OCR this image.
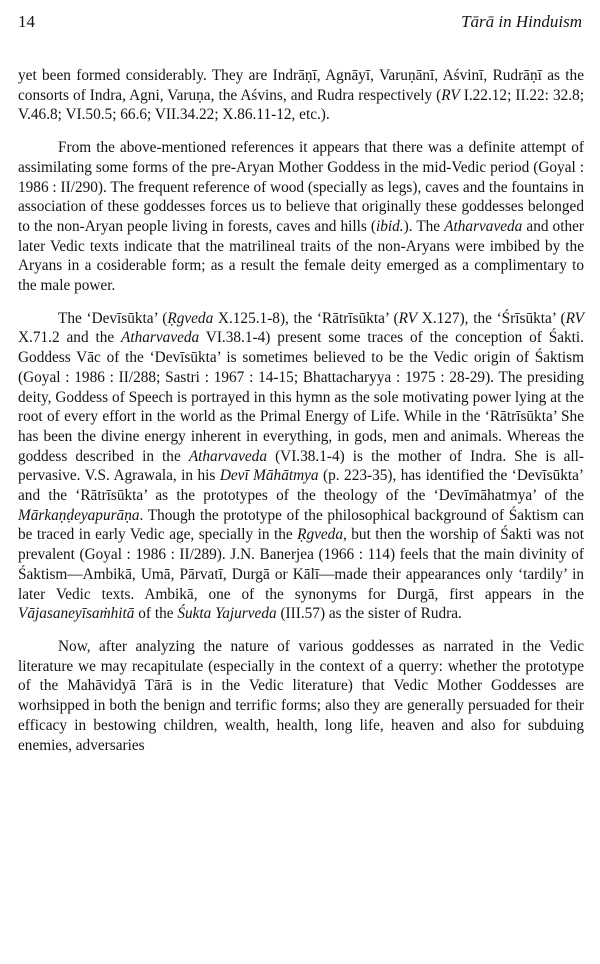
14	Tārā in Hinduism

yet been formed considerably. They are Indrāṇī, Agnāyī, Varuṇānī, Aśvinī, Rudrāṇī as the consorts of Indra, Agni, Varuṇa, the Aśvins, and Rudra respectively (RV I.22.12; II.22: 32.8; V.46.8; VI.50.5; 66.6; VII.34.22; X.86.11-12, etc.).

From the above-mentioned references it appears that there was a definite attempt of assimilating some forms of the pre-Aryan Mother Goddess in the mid-Vedic period (Goyal : 1986 : II/290). The frequent reference of wood (specially as legs), caves and the fountains in association of these goddesses forces us to believe that originally these goddesses belonged to the non-Aryan people living in forests, caves and hills (ibid.). The Atharvaveda and other later Vedic texts indicate that the matrilineal traits of the non-Aryans were imbibed by the Aryans in a cosiderable form; as a result the female deity emerged as a complimentary to the male power.

The ‘Devīsūkta’ (Ṛgveda X.125.1-8), the ‘Rātrīsūkta’ (RV X.127), the ‘Śrīsūkta’ (RV X.71.2 and the Atharvaveda VI.38.1-4) present some traces of the conception of Śakti. Goddess Vāc of the ‘Devīsūkta’ is sometimes believed to be the Vedic origin of Śaktism (Goyal : 1986 : II/288; Sastri : 1967 : 14-15; Bhattacharyya : 1975 : 28-29). The presiding deity, Goddess of Speech is portrayed in this hymn as the sole motivating power lying at the root of every effort in the world as the Primal Energy of Life. While in the ‘Rātrīsūkta’ She has been the divine energy inherent in everything, in gods, men and animals. Whereas the goddess described in the Atharvaveda (VI.38.1-4) is the mother of Indra. She is all-pervasive. V.S. Agrawala, in his Devī Māhātmya (p. 223-35), has identified the ‘Devīsūkta’ and the ‘Rātrīsūkta’ as the prototypes of the theology of the ‘Devīmāhatmya’ of the Mārkaṇḍeyapurāṇa. Though the prototype of the philosophical background of Śaktism can be traced in early Vedic age, specially in the Ṛgveda, but then the worship of Śakti was not prevalent (Goyal : 1986 : II/289). J.N. Banerjea (1966 : 114) feels that the main divinity of Śaktism—Ambikā, Umā, Pārvatī, Durgā or Kālī—made their appearances only ‘tardily’ in later Vedic texts. Ambikā, one of the synonyms for Durgā, first appears in the Vājasaneyīsaṁhitā of the Śukta Yajurveda (III.57) as the sister of Rudra.

Now, after analyzing the nature of various goddesses as narrated in the Vedic literature we may recapitulate (especially in the context of a querry: whether the prototype of the Mahāvidyā Tārā is in the Vedic literature) that Vedic Mother Goddesses are worhsipped in both the benign and terrific forms; also they are generally persuaded for their efficacy in bestowing children, wealth, health, long life, heaven and also for subduing enemies, adversaries
